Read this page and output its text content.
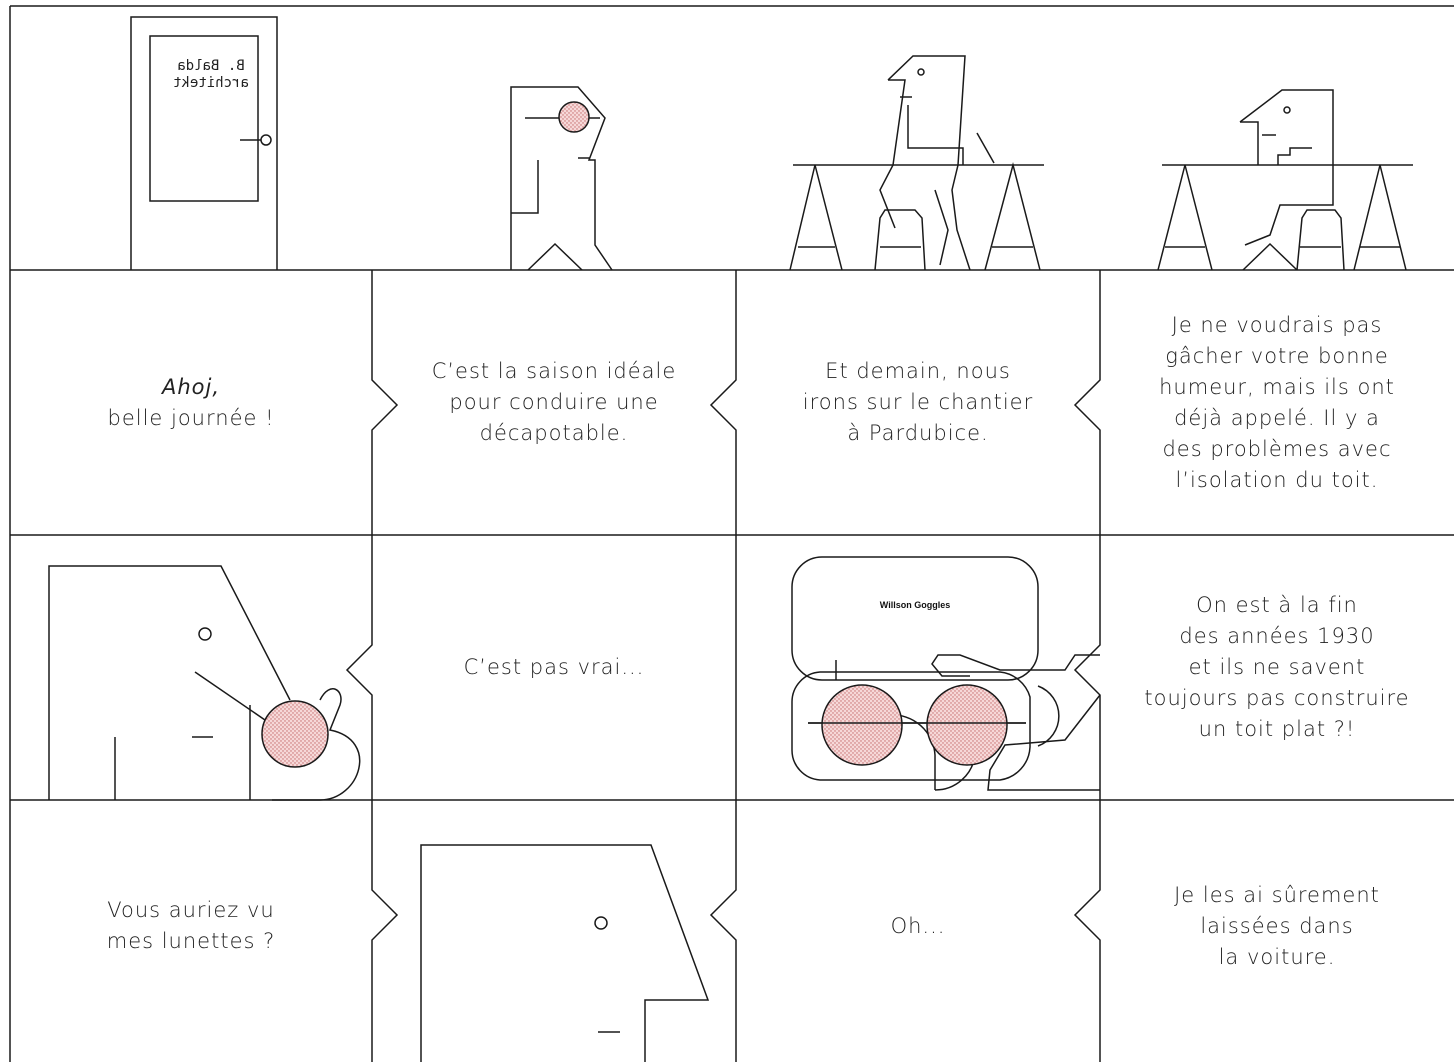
B. Balda
architekt
Willson Goggles
Ahoj,
belle journée !
C’est la saison idéale
pour conduire une
décapotable.
Et demain, nous
irons sur le chantier
à Pardubice.
Je ne voudrais pas
gâcher votre bonne
humeur, mais ils ont
déjà appelé. Il y a
des problèmes avec
l’isolation du toit.
C’est pas vrai...
On est à la fin
des années 1930
et ils ne savent
toujours pas construire
un toit plat ?!
Vous auriez vu
mes lunettes ?
Oh...
Je les ai sûrement
laissées dans
la voiture.
